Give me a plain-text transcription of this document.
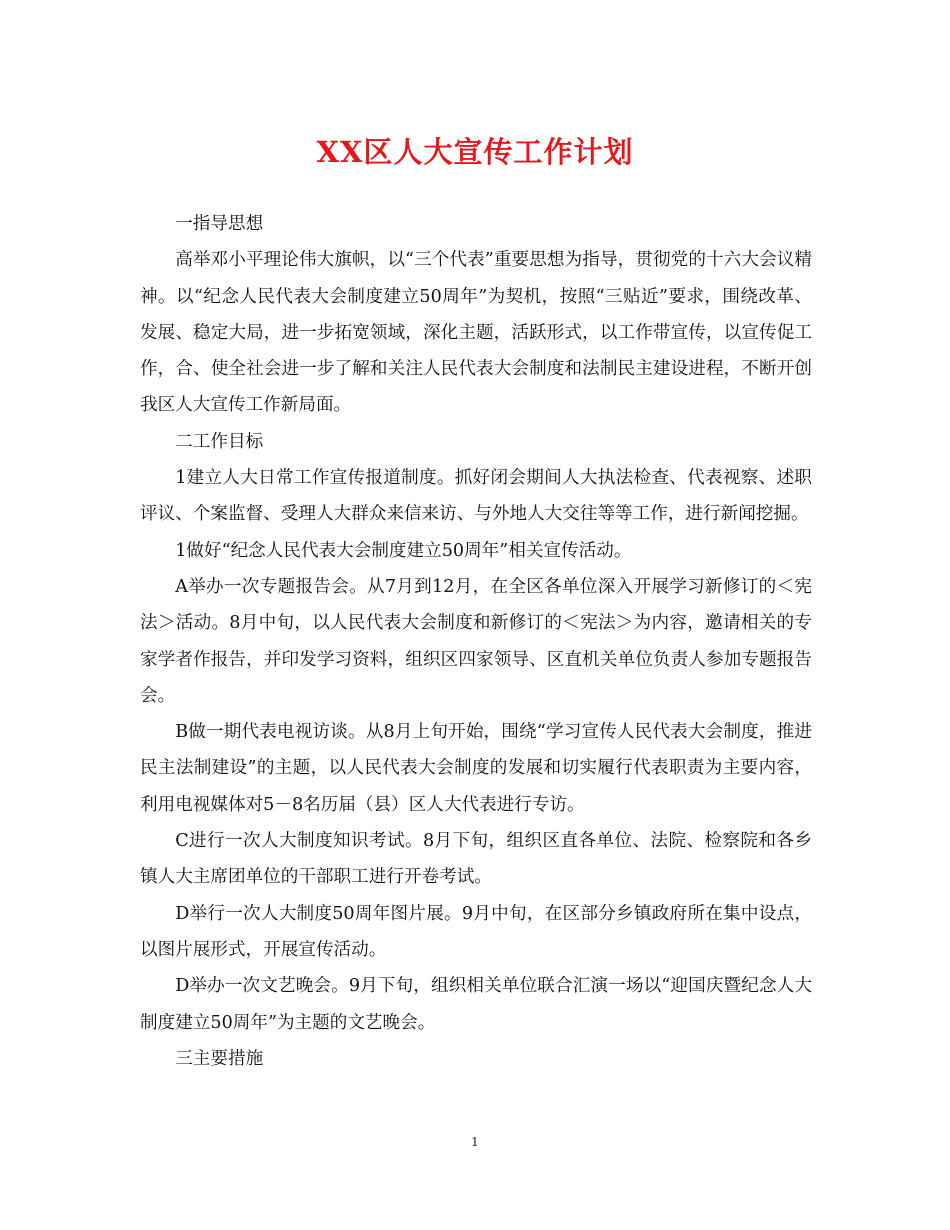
XX区人大宣传工作计划

一指导思想

高举邓小平理论伟大旗帜，以“三个代表”重要思想为指导，贯彻党的十六大会议精神。以“纪念人民代表大会制度建立50周年”为契机，按照“三贴近”要求，围绕改革、发展、稳定大局，进一步拓宽领域，深化主题，活跃形式，以工作带宣传，以宣传促工作，合、使全社会进一步了解和关注人民代表大会制度和法制民主建设进程，不断开创我区人大宣传工作新局面。

二工作目标

1建立人大日常工作宣传报道制度。抓好闭会期间人大执法检查、代表视察、述职评议、个案监督、受理人大群众来信来访、与外地人大交往等等工作，进行新闻挖掘。

1做好“纪念人民代表大会制度建立50周年”相关宣传活动。

A举办一次专题报告会。从7月到12月，在全区各单位深入开展学习新修订的＜宪法＞活动。8月中旬，以人民代表大会制度和新修订的＜宪法＞为内容，邀请相关的专家学者作报告，并印发学习资料，组织区四家领导、区直机关单位负责人参加专题报告会。

B做一期代表电视访谈。从8月上旬开始，围绕“学习宣传人民代表大会制度，推进民主法制建设”的主题，以人民代表大会制度的发展和切实履行代表职责为主要内容，利用电视媒体对5－8名历届（县）区人大代表进行专访。

C进行一次人大制度知识考试。8月下旬，组织区直各单位、法院、检察院和各乡镇人大主席团单位的干部职工进行开卷考试。

D举行一次人大制度50周年图片展。9月中旬，在区部分乡镇政府所在集中设点，以图片展形式，开展宣传活动。

D举办一次文艺晚会。9月下旬，组织相关单位联合汇演一场以“迎国庆暨纪念人大制度建立50周年”为主题的文艺晚会。

三主要措施

1
